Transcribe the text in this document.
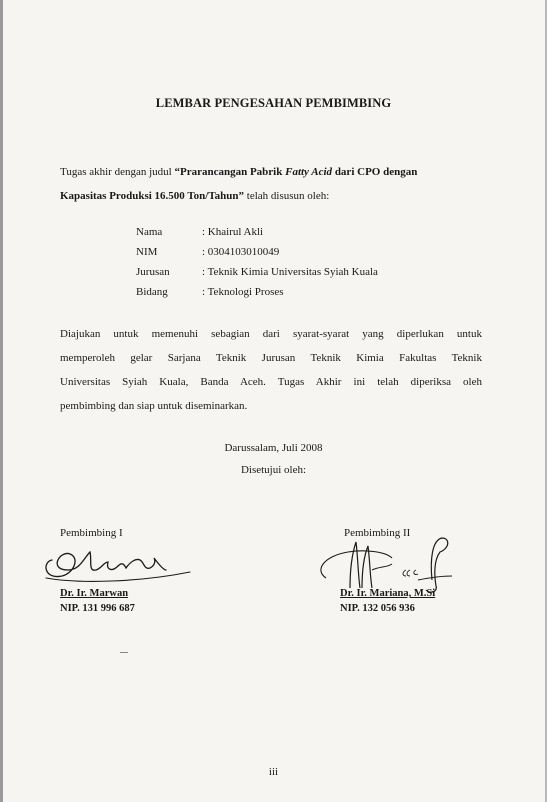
LEMBAR PENGESAHAN PEMBIMBING
Tugas akhir dengan judul “Prarancangan Pabrik Fatty Acid dari CPO dengan
Kapasitas Produksi 16.500 Ton/Tahun” telah disusun oleh:
Nama	: Khairul Akli
NIM	: 0304103010049
Jurusan	: Teknik Kimia Universitas Syiah Kuala
Bidang	: Teknologi Proses
Diajukan untuk memenuhi sebagian dari syarat-syarat yang diperlukan untuk
memperoleh gelar Sarjana Teknik Jurusan Teknik Kimia Fakultas Teknik
Universitas Syiah Kuala, Banda Aceh. Tugas Akhir ini telah diperiksa oleh
pembimbing dan siap untuk diseminarkan.
Darussalam, Juli 2008
Disetujui oleh:
Pembimbing I	Pembimbing II
Dr. Ir. Marwan
NIP. 131 996 687
Dr. Ir. Mariana, M.Si
NIP. 132 056 936
iii
